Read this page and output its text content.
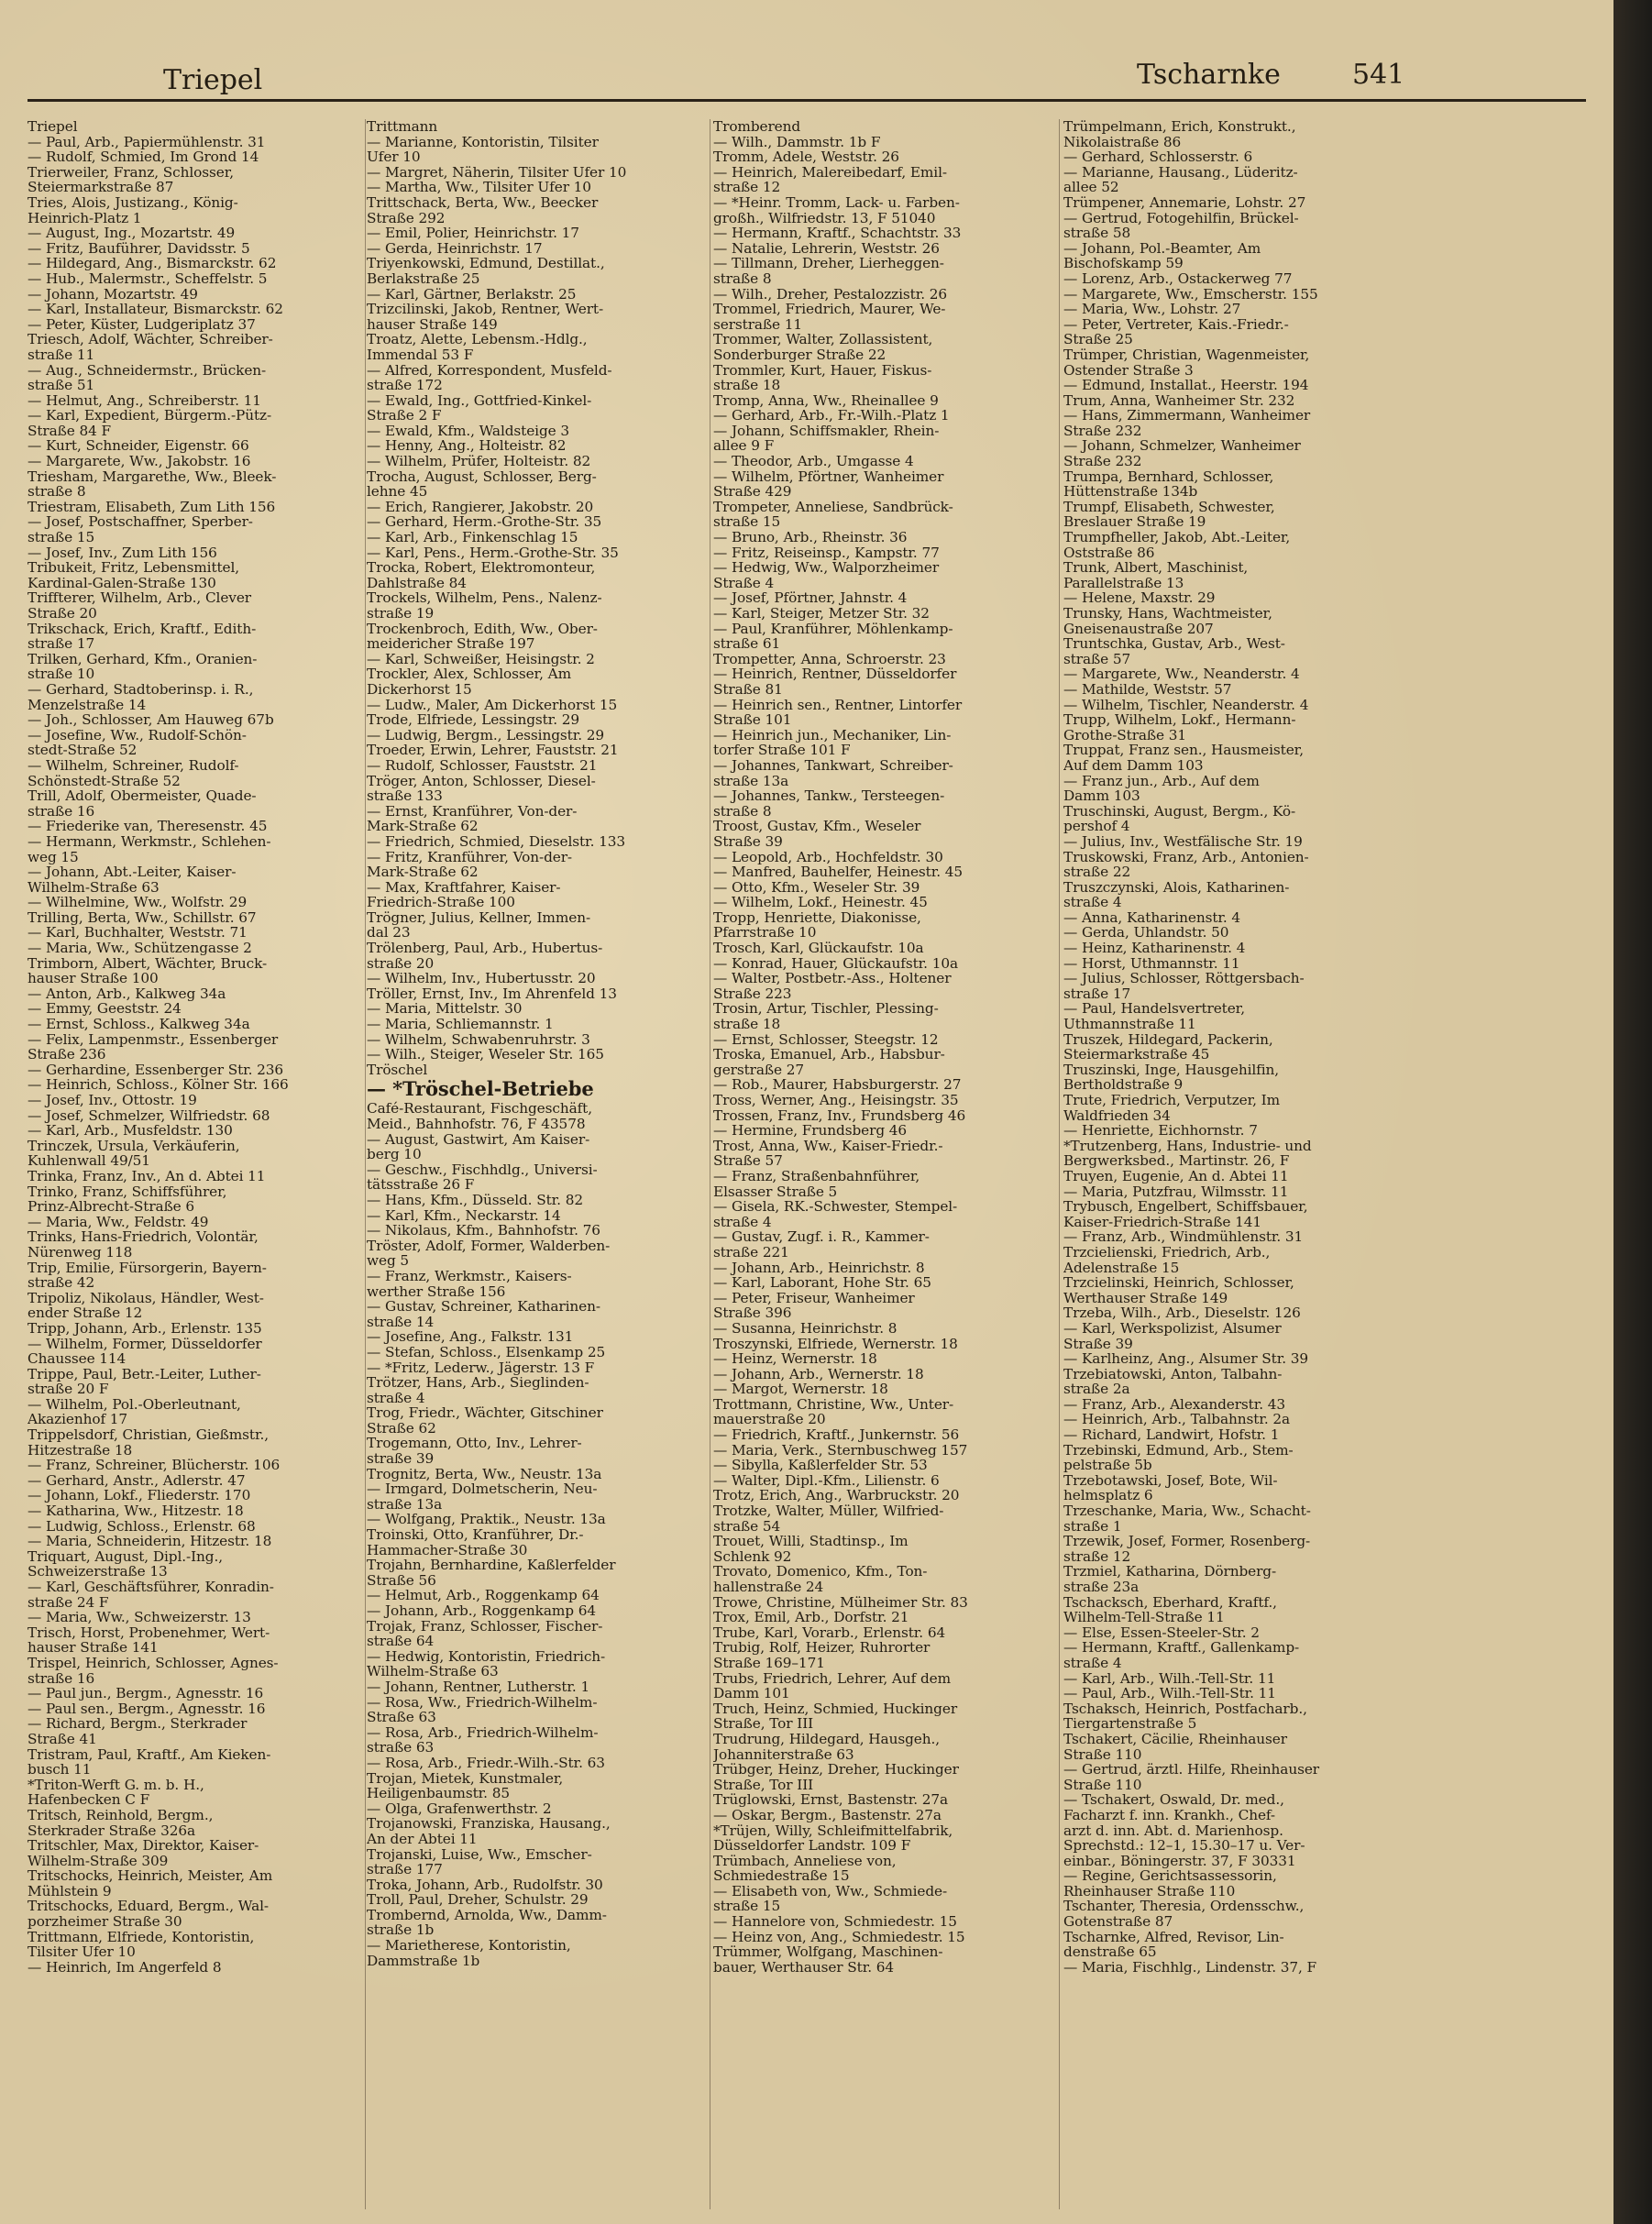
Triepel	Tscharnke	541

Triepel

— Paul, Arb., Papiermühlenstr. 31

— Rudolf, Schmied, Im Grond 14

Trierweiler, Franz, Schlosser,

Steiermarkstraße 87

Tries, Alois, Justizang., König-

Heinrich-Platz 1

— August, Ing., Mozartstr. 49

— Fritz, Bauführer, Davidsstr. 5

— Hildegard, Ang., Bismarckstr. 62

— Hub., Malermstr., Scheffelstr. 5

— Johann, Mozartstr. 49

— Karl, Installateur, Bismarckstr. 62

— Peter, Küster, Ludgeriplatz 37

Triesch, Adolf, Wächter, Schreiber-

straße 11

— Aug., Schneidermstr., Brücken-

straße 51

— Helmut, Ang., Schreiberstr. 11

— Karl, Expedient, Bürgerm.-Pütz-

Straße 84 F

— Kurt, Schneider, Eigenstr. 66

— Margarete, Ww., Jakobstr. 16

Triesham, Margarethe, Ww., Bleek-

straße 8

Triestram, Elisabeth, Zum Lith 156

— Josef, Postschaffner, Sperber-

straße 15

— Josef, Inv., Zum Lith 156

Tribukeit, Fritz, Lebensmittel,

Kardinal-Galen-Straße 130

Triffterer, Wilhelm, Arb., Clever

Straße 20

Trikschack, Erich, Kraftf., Edith-

straße 17

Trilken, Gerhard, Kfm., Oranien-

straße 10

— Gerhard, Stadtoberinsp. i. R.,

Menzelstraße 14

— Joh., Schlosser, Am Hauweg 67b

— Josefine, Ww., Rudolf-Schön-

stedt-Straße 52

— Wilhelm, Schreiner, Rudolf-

Schönstedt-Straße 52

Trill, Adolf, Obermeister, Quade-

straße 16

— Friederike van, Theresenstr. 45

— Hermann, Werkmstr., Schlehen-

weg 15

— Johann, Abt.-Leiter, Kaiser-

Wilhelm-Straße 63

— Wilhelmine, Ww., Wolfstr. 29

Trilling, Berta, Ww., Schillstr. 67

— Karl, Buchhalter, Weststr. 71

— Maria, Ww., Schützengasse 2

Trimborn, Albert, Wächter, Bruck-

hauser Straße 100

— Anton, Arb., Kalkweg 34a

— Emmy, Geeststr. 24

— Ernst, Schloss., Kalkweg 34a

— Felix, Lampenmstr., Essenberger

Straße 236

— Gerhardine, Essenberger Str. 236

— Heinrich, Schloss., Kölner Str. 166

— Josef, Inv., Ottostr. 19

— Josef, Schmelzer, Wilfriedstr. 68

— Karl, Arb., Musfeldstr. 130

Trinczek, Ursula, Verkäuferin,

Kuhlenwall 49/51

Trinka, Franz, Inv., An d. Abtei 11

Trinko, Franz, Schiffsführer,

Prinz-Albrecht-Straße 6

— Maria, Ww., Feldstr. 49

Trinks, Hans-Friedrich, Volontär,

Nürenweg 118

Trip, Emilie, Fürsorgerin, Bayern-

straße 42

Tripoliz, Nikolaus, Händler, West-

ender Straße 12

Tripp, Johann, Arb., Erlenstr. 135

— Wilhelm, Former, Düsseldorfer

Chaussee 114

Trippe, Paul, Betr.-Leiter, Luther-

straße 20 F

— Wilhelm, Pol.-Oberleutnant,

Akazienhof 17

Trippelsdorf, Christian, Gießmstr.,

Hitzestraße 18

— Franz, Schreiner, Blücherstr. 106

— Gerhard, Anstr., Adlerstr. 47

— Johann, Lokf., Fliederstr. 170

— Katharina, Ww., Hitzestr. 18

— Ludwig, Schloss., Erlenstr. 68

— Maria, Schneiderin, Hitzestr. 18

Triquart, August, Dipl.-Ing.,

Schweizerstraße 13

— Karl, Geschäftsführer, Konradin-

straße 24 F

— Maria, Ww., Schweizerstr. 13

Trisch, Horst, Probenehmer, Wert-

hauser Straße 141

Trispel, Heinrich, Schlosser, Agnes-

straße 16

— Paul jun., Bergm., Agnesstr. 16

— Paul sen., Bergm., Agnesstr. 16

— Richard, Bergm., Sterkrader

Straße 41

Tristram, Paul, Kraftf., Am Kieken-

busch 11

*Triton-Werft G. m. b. H.,

Hafenbecken C F

Tritsch, Reinhold, Bergm.,

Sterkrader Straße 326a

Tritschler, Max, Direktor, Kaiser-

Wilhelm-Straße 309

Tritschocks, Heinrich, Meister, Am

Mühlstein 9

Tritschocks, Eduard, Bergm., Wal-

porzheimer Straße 30

Trittmann, Elfriede, Kontoristin,

Tilsiter Ufer 10

— Heinrich, Im Angerfeld 8

Trittmann

— Marianne, Kontoristin, Tilsiter

Ufer 10

— Margret, Näherin, Tilsiter Ufer 10

— Martha, Ww., Tilsiter Ufer 10

Trittschack, Berta, Ww., Beecker

Straße 292

— Emil, Polier, Heinrichstr. 17

— Gerda, Heinrichstr. 17

Triyenkowski, Edmund, Destillat.,

Berlakstraße 25

— Karl, Gärtner, Berlakstr. 25

Trizcilinski, Jakob, Rentner, Wert-

hauser Straße 149

Troatz, Alette, Lebensm.-Hdlg.,

Immendal 53 F

— Alfred, Korrespondent, Musfeld-

straße 172

— Ewald, Ing., Gottfried-Kinkel-

Straße 2 F

— Ewald, Kfm., Waldsteige 3

— Henny, Ang., Holteistr. 82

— Wilhelm, Prüfer, Holteistr. 82

Trocha, August, Schlosser, Berg-

lehne 45

— Erich, Rangierer, Jakobstr. 20

— Gerhard, Herm.-Grothe-Str. 35

— Karl, Arb., Finkenschlag 15

— Karl, Pens., Herm.-Grothe-Str. 35

Trocka, Robert, Elektromonteur,

Dahlstraße 84

Trockels, Wilhelm, Pens., Nalenz-

straße 19

Trockenbroch, Edith, Ww., Ober-

meidericher Straße 197

— Karl, Schweißer, Heisingstr. 2

Trockler, Alex, Schlosser, Am

Dickerhorst 15

— Ludw., Maler, Am Dickerhorst 15

Trode, Elfriede, Lessingstr. 29

— Ludwig, Bergm., Lessingstr. 29

Troeder, Erwin, Lehrer, Fauststr. 21

— Rudolf, Schlosser, Fauststr. 21

Tröger, Anton, Schlosser, Diesel-

straße 133

— Ernst, Kranführer, Von-der-

Mark-Straße 62

— Friedrich, Schmied, Dieselstr. 133

— Fritz, Kranführer, Von-der-

Mark-Straße 62

— Max, Kraftfahrer, Kaiser-

Friedrich-Straße 100

Trögner, Julius, Kellner, Immen-

dal 23

Trölenberg, Paul, Arb., Hubertus-

straße 20

— Wilhelm, Inv., Hubertusstr. 20

Tröller, Ernst, Inv., Im Ahrenfeld 13

— Maria, Mittelstr. 30

— Maria, Schliemannstr. 1

— Wilhelm, Schwabenruhrstr. 3

— Wilh., Steiger, Weseler Str. 165

Tröschel

— *Tröschel-Betriebe

Café-Restaurant, Fischgeschäft,

Meid., Bahnhofstr. 76, F 43578

— August, Gastwirt, Am Kaiser-

berg 10

— Geschw., Fischhdlg., Universi-

tätsstraße 26 F

— Hans, Kfm., Düsseld. Str. 82

— Karl, Kfm., Neckarstr. 14

— Nikolaus, Kfm., Bahnhofstr. 76

Tröster, Adolf, Former, Walderben-

weg 5

— Franz, Werkmstr., Kaisers-

werther Straße 156

— Gustav, Schreiner, Katharinen-

straße 14

— Josefine, Ang., Falkstr. 131

— Stefan, Schloss., Elsenkamp 25

— *Fritz, Lederw., Jägerstr. 13 F

Trötzer, Hans, Arb., Sieglinden-

straße 4

Trog, Friedr., Wächter, Gitschiner

Straße 62

Trogemann, Otto, Inv., Lehrer-

straße 39

Trognitz, Berta, Ww., Neustr. 13a

— Irmgard, Dolmetscherin, Neu-

straße 13a

— Wolfgang, Praktik., Neustr. 13a

Troinski, Otto, Kranführer, Dr.-

Hammacher-Straße 30

Trojahn, Bernhardine, Kaßlerfelder

Straße 56

— Helmut, Arb., Roggenkamp 64

— Johann, Arb., Roggenkamp 64

Trojak, Franz, Schlosser, Fischer-

straße 64

— Hedwig, Kontoristin, Friedrich-

Wilhelm-Straße 63

— Johann, Rentner, Lutherstr. 1

— Rosa, Ww., Friedrich-Wilhelm-

Straße 63

— Rosa, Arb., Friedrich-Wilhelm-

straße 63

— Rosa, Arb., Friedr.-Wilh.-Str. 63

Trojan, Mietek, Kunstmaler,

Heiligenbaumstr. 85

— Olga, Grafenwerthstr. 2

Trojanowski, Franziska, Hausang.,

An der Abtei 11

Trojanski, Luise, Ww., Emscher-

straße 177

Troka, Johann, Arb., Rudolfstr. 30

Troll, Paul, Dreher, Schulstr. 29

Trombernd, Arnolda, Ww., Damm-

straße 1b

— Marietherese, Kontoristin,

Dammstraße 1b

Tromberend

— Wilh., Dammstr. 1b F

Tromm, Adele, Weststr. 26

— Heinrich, Malereibedarf, Emil-

straße 12

— *Heinr. Tromm, Lack- u. Farben-

großh., Wilfriedstr. 13, F 51040

— Hermann, Kraftf., Schachtstr. 33

— Natalie, Lehrerin, Weststr. 26

— Tillmann, Dreher, Lierheggen-

straße 8

— Wilh., Dreher, Pestalozzistr. 26

Trommel, Friedrich, Maurer, We-

serstraße 11

Trommer, Walter, Zollassistent,

Sonderburger Straße 22

Trommler, Kurt, Hauer, Fiskus-

straße 18

Tromp, Anna, Ww., Rheinallee 9

— Gerhard, Arb., Fr.-Wilh.-Platz 1

— Johann, Schiffsmakler, Rhein-

allee 9 F

— Theodor, Arb., Umgasse 4

— Wilhelm, Pförtner, Wanheimer

Straße 429

Trompeter, Anneliese, Sandbrück-

straße 15

— Bruno, Arb., Rheinstr. 36

— Fritz, Reiseinsp., Kampstr. 77

— Hedwig, Ww., Walporzheimer

Straße 4

— Josef, Pförtner, Jahnstr. 4

— Karl, Steiger, Metzer Str. 32

— Paul, Kranführer, Möhlenkamp-

straße 61

Trompetter, Anna, Schroerstr. 23

— Heinrich, Rentner, Düsseldorfer

Straße 81

— Heinrich sen., Rentner, Lintorfer

Straße 101

— Heinrich jun., Mechaniker, Lin-

torfer Straße 101 F

— Johannes, Tankwart, Schreiber-

straße 13a

— Johannes, Tankw., Tersteegen-

straße 8

Troost, Gustav, Kfm., Weseler

Straße 39

— Leopold, Arb., Hochfeldstr. 30

— Manfred, Bauhelfer, Heinestr. 45

— Otto, Kfm., Weseler Str. 39

— Wilhelm, Lokf., Heinestr. 45

Tropp, Henriette, Diakonisse,

Pfarrstraße 10

Trosch, Karl, Glückaufstr. 10a

— Konrad, Hauer, Glückaufstr. 10a

— Walter, Postbetr.-Ass., Holtener

Straße 223

Trosin, Artur, Tischler, Plessing-

straße 18

— Ernst, Schlosser, Steegstr. 12

Troska, Emanuel, Arb., Habsbur-

gerstraße 27

— Rob., Maurer, Habsburgerstr. 27

Tross, Werner, Ang., Heisingstr. 35

Trossen, Franz, Inv., Frundsberg 46

— Hermine, Frundsberg 46

Trost, Anna, Ww., Kaiser-Friedr.-

Straße 57

— Franz, Straßenbahnführer,

Elsasser Straße 5

— Gisela, RK.-Schwester, Stempel-

straße 4

— Gustav, Zugf. i. R., Kammer-

straße 221

— Johann, Arb., Heinrichstr. 8

— Karl, Laborant, Hohe Str. 65

— Peter, Friseur, Wanheimer

Straße 396

— Susanna, Heinrichstr. 8

Troszynski, Elfriede, Wernerstr. 18

— Heinz, Wernerstr. 18

— Johann, Arb., Wernerstr. 18

— Margot, Wernerstr. 18

Trottmann, Christine, Ww., Unter-

mauerstraße 20

— Friedrich, Kraftf., Junkernstr. 56

— Maria, Verk., Sternbuschweg 157

— Sibylla, Kaßlerfelder Str. 53

— Walter, Dipl.-Kfm., Lilienstr. 6

Trotz, Erich, Ang., Warbruckstr. 20

Trotzke, Walter, Müller, Wilfried-

straße 54

Trouet, Willi, Stadtinsp., Im

Schlenk 92

Trovato, Domenico, Kfm., Ton-

hallenstraße 24

Trowe, Christine, Mülheimer Str. 83

Trox, Emil, Arb., Dorfstr. 21

Trube, Karl, Vorarb., Erlenstr. 64

Trubig, Rolf, Heizer, Ruhrorter

Straße 169–171

Trubs, Friedrich, Lehrer, Auf dem

Damm 101

Truch, Heinz, Schmied, Huckinger

Straße, Tor III

Trudrung, Hildegard, Hausgeh.,

Johanniterstraße 63

Trübger, Heinz, Dreher, Huckinger

Straße, Tor III

Trüglowski, Ernst, Bastenstr. 27a

— Oskar, Bergm., Bastenstr. 27a

*Trüjen, Willy, Schleifmittelfabrik,

Düsseldorfer Landstr. 109 F

Trümbach, Anneliese von,

Schmiedestraße 15

— Elisabeth von, Ww., Schmiede-

straße 15

— Hannelore von, Schmiedestr. 15

— Heinz von, Ang., Schmiedestr. 15

Trümmer, Wolfgang, Maschinen-

bauer, Werthauser Str. 64

Trümpelmann, Erich, Konstrukt.,

Nikolaistraße 86

— Gerhard, Schlosserstr. 6

— Marianne, Hausang., Lüderitz-

allee 52

Trümpener, Annemarie, Lohstr. 27

— Gertrud, Fotogehilfin, Brückel-

straße 58

— Johann, Pol.-Beamter, Am

Bischofskamp 59

— Lorenz, Arb., Ostackerweg 77

— Margarete, Ww., Emscherstr. 155

— Maria, Ww., Lohstr. 27

— Peter, Vertreter, Kais.-Friedr.-

Straße 25

Trümper, Christian, Wagenmeister,

Ostender Straße 3

— Edmund, Installat., Heerstr. 194

Trum, Anna, Wanheimer Str. 232

— Hans, Zimmermann, Wanheimer

Straße 232

— Johann, Schmelzer, Wanheimer

Straße 232

Trumpa, Bernhard, Schlosser,

Hüttenstraße 134b

Trumpf, Elisabeth, Schwester,

Breslauer Straße 19

Trumpfheller, Jakob, Abt.-Leiter,

Oststraße 86

Trunk, Albert, Maschinist,

Parallelstraße 13

— Helene, Maxstr. 29

Trunsky, Hans, Wachtmeister,

Gneisenaustraße 207

Truntschka, Gustav, Arb., West-

straße 57

— Margarete, Ww., Neanderstr. 4

— Mathilde, Weststr. 57

— Wilhelm, Tischler, Neanderstr. 4

Trupp, Wilhelm, Lokf., Hermann-

Grothe-Straße 31

Truppat, Franz sen., Hausmeister,

Auf dem Damm 103

— Franz jun., Arb., Auf dem

Damm 103

Truschinski, August, Bergm., Kö-

pershof 4

— Julius, Inv., Westfälische Str. 19

Truskowski, Franz, Arb., Antonien-

straße 22

Truszczynski, Alois, Katharinen-

straße 4

— Anna, Katharinenstr. 4

— Gerda, Uhlandstr. 50

— Heinz, Katharinenstr. 4

— Horst, Uthmannstr. 11

— Julius, Schlosser, Röttgersbach-

straße 17

— Paul, Handelsvertreter,

Uthmannstraße 11

Truszek, Hildegard, Packerin,

Steiermarkstraße 45

Truszinski, Inge, Hausgehilfin,

Bertholdstraße 9

Trute, Friedrich, Verputzer, Im

Waldfrieden 34

— Henriette, Eichhornstr. 7

*Trutzenberg, Hans, Industrie- und

Bergwerksbed., Martinstr. 26, F

Truyen, Eugenie, An d. Abtei 11

— Maria, Putzfrau, Wilmsstr. 11

Trybusch, Engelbert, Schiffsbauer,

Kaiser-Friedrich-Straße 141

— Franz, Arb., Windmühlenstr. 31

Trzcielienski, Friedrich, Arb.,

Adelenstraße 15

Trzcielinski, Heinrich, Schlosser,

Werthauser Straße 149

Trzeba, Wilh., Arb., Dieselstr. 126

— Karl, Werkspolizist, Alsumer

Straße 39

— Karlheinz, Ang., Alsumer Str. 39

Trzebiatowski, Anton, Talbahn-

straße 2a

— Franz, Arb., Alexanderstr. 43

— Heinrich, Arb., Talbahnstr. 2a

— Richard, Landwirt, Hofstr. 1

Trzebinski, Edmund, Arb., Stem-

pelstraße 5b

Trzebotawski, Josef, Bote, Wil-

helmsplatz 6

Trzeschanke, Maria, Ww., Schacht-

straße 1

Trzewik, Josef, Former, Rosenberg-

straße 12

Trzmiel, Katharina, Dörnberg-

straße 23a

Tschacksch, Eberhard, Kraftf.,

Wilhelm-Tell-Straße 11

— Else, Essen-Steeler-Str. 2

— Hermann, Kraftf., Gallenkamp-

straße 4

— Karl, Arb., Wilh.-Tell-Str. 11

— Paul, Arb., Wilh.-Tell-Str. 11

Tschaksch, Heinrich, Postfacharb.,

Tiergartenstraße 5

Tschakert, Cäcilie, Rheinhauser

Straße 110

— Gertrud, ärztl. Hilfe, Rheinhauser

Straße 110

— Tschakert, Oswald, Dr. med.,

Facharzt f. inn. Krankh., Chef-

arzt d. inn. Abt. d. Marienhosp.

Sprechstd.: 12–1, 15.30–17 u. Ver-

einbar., Böningerstr. 37, F 30331

— Regine, Gerichtsassessorin,

Rheinhauser Straße 110

Tschanter, Theresia, Ordensschw.,

Gotenstraße 87

Tscharnke, Alfred, Revisor, Lin-

denstraße 65

— Maria, Fischhlg., Lindenstr. 37, F
